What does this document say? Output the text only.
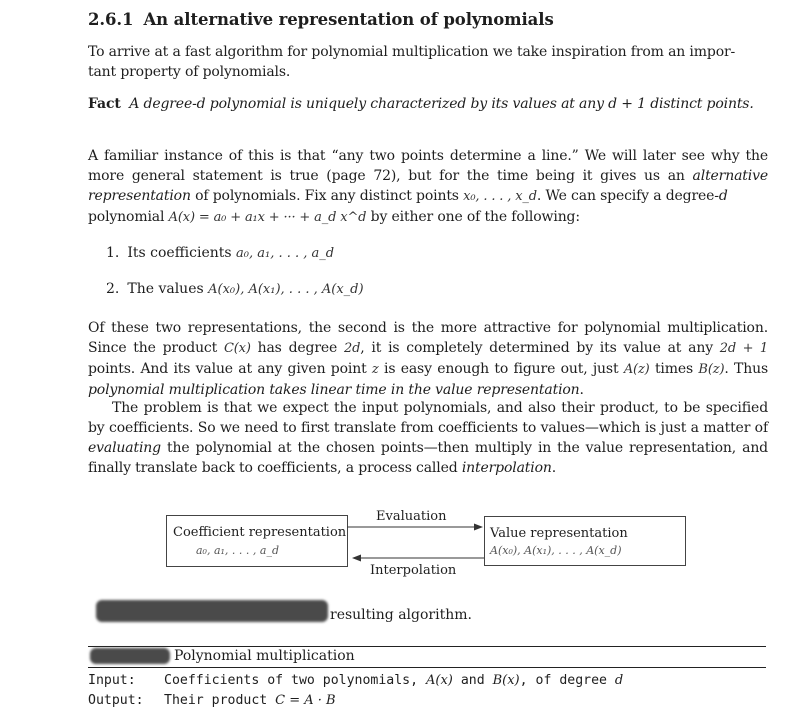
2.6.1 An alternative representation of polynomials
To arrive at a fast algorithm for polynomial multiplication we take inspiration from an impor-
tant property of polynomials.
Fact A degree-d polynomial is uniquely characterized by its values at any d + 1 distinct points.
A familiar instance of this is that “any two points determine a line.” We will later see why the more general statement is true (page 72), but for the time being it gives us an alternative representation of polynomials. Fix any distinct points x₀, . . . , x_d. We can specify a degree-d
polynomial A(x) = a₀ + a₁x + ··· + a_d x^d by either one of the following:
1. Its coefficients a₀, a₁, . . . , a_d
2. The values A(x₀), A(x₁), . . . , A(x_d)
Of these two representations, the second is the more attractive for polynomial multiplication. Since the product C(x) has degree 2d, it is completely determined by its value at any 2d + 1 points. And its value at any given point z is easy enough to figure out, just A(z) times B(z). Thus polynomial multiplication takes linear time in the value representation.
The problem is that we expect the input polynomials, and also their product, to be specified by coefficients. So we need to first translate from coefficients to values—which is just a matter of evaluating the polynomial at the chosen points—then multiply in the value representation, and finally translate back to coefficients, a process called interpolation.
Coefficient representation
a₀, a₁, . . . , a_d
Value representation
A(x₀), A(x₁), . . . , A(x_d)
Evaluation
Interpolation
resulting algorithm.
Polynomial multiplication
Input: Coefficients of two polynomials, A(x) and B(x), of degree d
Output: Their product C = A · B
